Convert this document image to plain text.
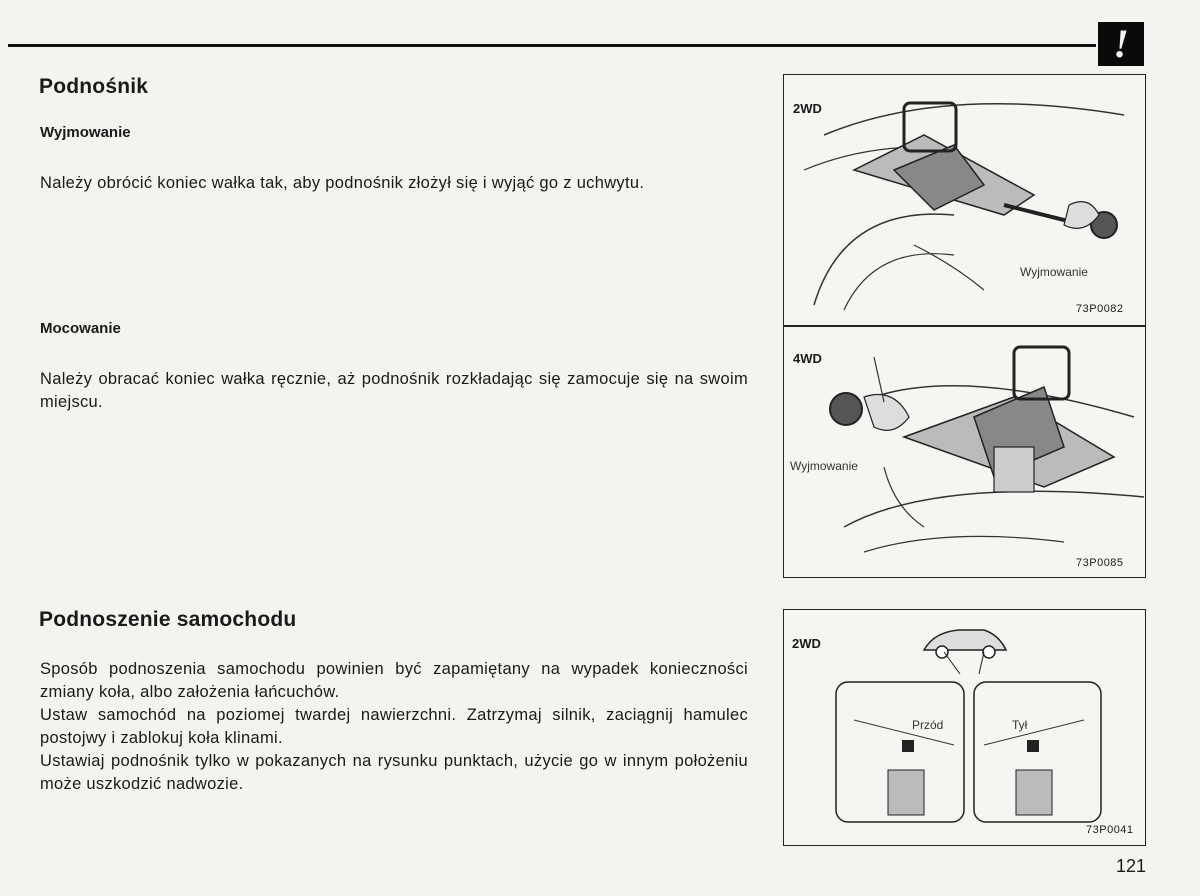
!
Podnośnik
Wyjmowanie
Należy obrócić koniec wałka tak, aby podnośnik złożył się i wyjąć go z uchwytu.
Mocowanie
Należy obracać koniec wałka ręcznie, aż podnośnik rozkładając się zamocuje się na swoim miejscu.
Podnoszenie samochodu

Sposób podnoszenia samochodu powinien być zapamiętany na wypadek konieczności zmiany koła, albo założenia łańcuchów.

Ustaw samochód na poziomej twardej nawierzchni. Zatrzymaj silnik, zaciągnij hamulec postojwy i zablokuj koła klinami.

Ustawiaj podnośnik tylko w pokazanych na rysunku punktach, użycie go w innym położeniu może uszkodzić nadwozie.

2WD
Wyjmowanie
73P0082
4WD
Wyjmowanie
73P0085
2WD
Przód	Tył
73P0041
121
